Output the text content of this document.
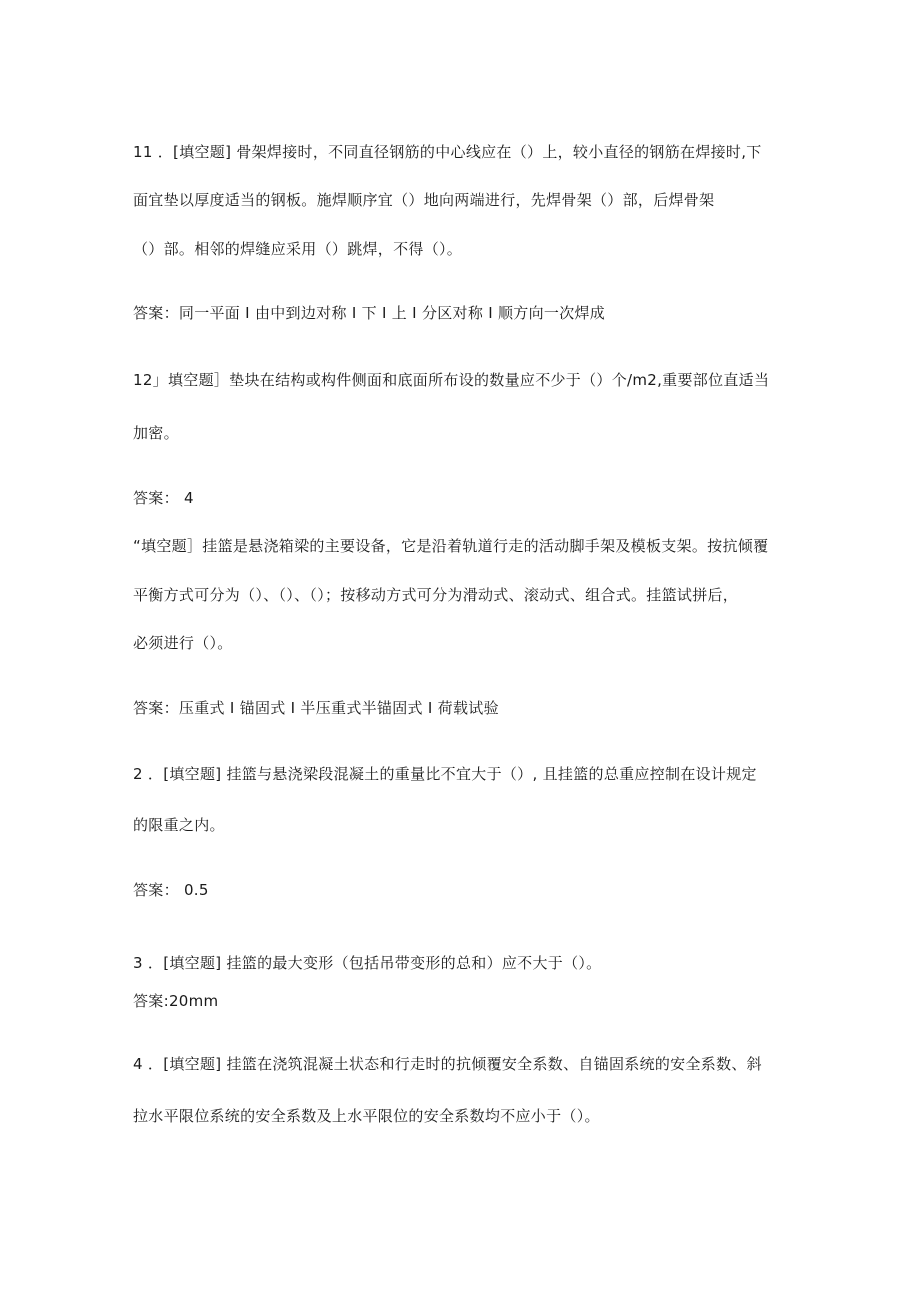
11 ．[填空题] 骨架焊接时，不同直径钢筋的中心线应在（）上，较小直径的钢筋在焊接时,下
面宜垫以厚度适当的钢板。施焊顺序宜（）地向两端进行，先焊骨架（）部，后焊骨架
（）部。相邻的焊缝应采用（）跳焊，不得（）。
答案：同一平面 I 由中到边对称 I 下 I 上 I 分区对称 I 顺方向一次焊成
12」填空题］垫块在结构或构件侧面和底面所布设的数量应不少于（）个/m2,重要部位直适当
加密。
答案： 4
“填空题］挂篮是悬浇箱梁的主要设备，它是沿着轨道行走的活动脚手架及模板支架。按抗倾覆
平衡方式可分为（）、（）、（）；按移动方式可分为滑动式、滚动式、组合式。挂篮试拼后，
必须进行（）。
答案：压重式 I 锚固式 I 半压重式半锚固式 I 荷载试验
2 ．[填空题] 挂篮与悬浇梁段混凝土的重量比不宜大于（）, 且挂篮的总重应控制在设计规定
的限重之内。
答案： 0.5
3 ．[填空题] 挂篮的最大变形（包括吊带变形的总和）应不大于（）。
答案:20mm
4 ．[填空题] 挂篮在浇筑混凝土状态和行走时的抗倾覆安全系数、自锚固系统的安全系数、斜
拉水平限位系统的安全系数及上水平限位的安全系数均不应小于（）。
